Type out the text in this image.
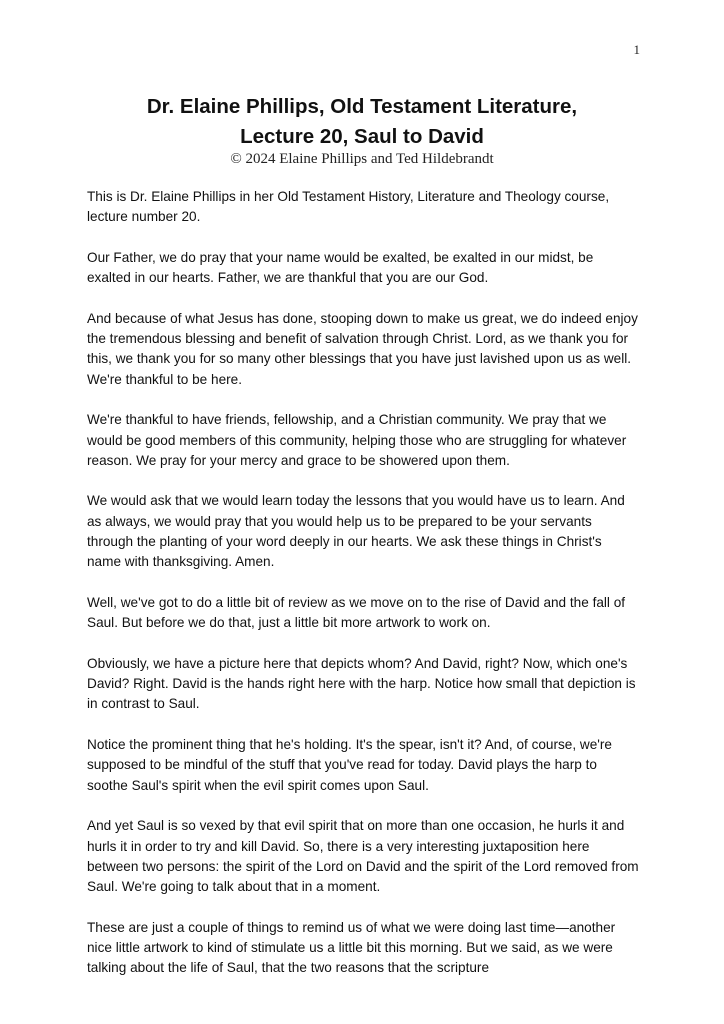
1
Dr. Elaine Phillips, Old Testament Literature,
Lecture 20, Saul to David
© 2024 Elaine Phillips and Ted Hildebrandt

This is Dr. Elaine Phillips in her Old Testament History, Literature and Theology course, lecture number 20.

Our Father, we do pray that your name would be exalted, be exalted in our midst, be exalted in our hearts. Father, we are thankful that you are our God.

And because of what Jesus has done, stooping down to make us great, we do indeed enjoy the tremendous blessing and benefit of salvation through Christ. Lord, as we thank you for this, we thank you for so many other blessings that you have just lavished upon us as well. We're thankful to be here.

We're thankful to have friends, fellowship, and a Christian community. We pray that we would be good members of this community, helping those who are struggling for whatever reason. We pray for your mercy and grace to be showered upon them.

We would ask that we would learn today the lessons that you would have us to learn. And as always, we would pray that you would help us to be prepared to be your servants through the planting of your word deeply in our hearts. We ask these things in Christ's name with thanksgiving. Amen.

Well, we've got to do a little bit of review as we move on to the rise of David and the fall of Saul. But before we do that, just a little bit more artwork to work on.

Obviously, we have a picture here that depicts whom? And David, right? Now, which one's David? Right. David is the hands right here with the harp. Notice how small that depiction is in contrast to Saul.

Notice the prominent thing that he's holding. It's the spear, isn't it? And, of course, we're supposed to be mindful of the stuff that you've read for today. David plays the harp to soothe Saul's spirit when the evil spirit comes upon Saul.

And yet Saul is so vexed by that evil spirit that on more than one occasion, he hurls it and hurls it in order to try and kill David. So, there is a very interesting juxtaposition here between two persons: the spirit of the Lord on David and the spirit of the Lord removed from Saul. We're going to talk about that in a moment.

These are just a couple of things to remind us of what we were doing last time—another nice little artwork to kind of stimulate us a little bit this morning. But we said, as we were talking about the life of Saul, that the two reasons that the scripture
